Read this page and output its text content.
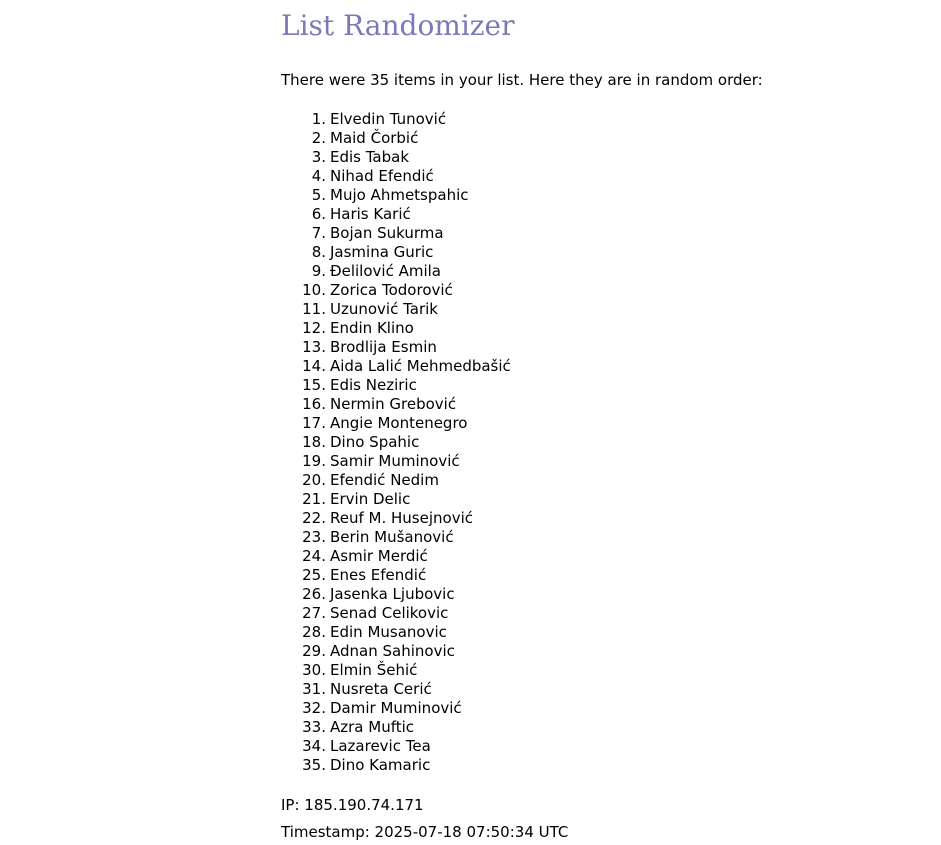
List Randomizer

There were 35 items in your list. Here they are in random order:

1. Elvedin Tunović
2. Maid Čorbić
3. Edis Tabak
4. Nihad Efendić
5. Mujo Ahmetspahic
6. Haris Karić
7. Bojan Sukurma
8. Jasmina Guric
9. Đelilović Amila
10. Zorica Todorović
11. Uzunović Tarik
12. Endin Klino
13. Brodlija Esmin
14. Aida Lalić Mehmedbašić
15. Edis Neziric
16. Nermin Grebović
17. Angie Montenegro
18. Dino Spahic
19. Samir Muminović
20. Efendić Nedim
21. Ervin Delic
22. Reuf M. Husejnović
23. Berin Mušanović
24. Asmir Merdić
25. Enes Efendić
26. Jasenka Ljubovic
27. Senad Celikovic
28. Edin Musanovic
29. Adnan Sahinovic
30. Elmin Šehić
31. Nusreta Cerić
32. Damir Muminović
33. Azra Muftic
34. Lazarevic Tea
35. Dino Kamaric

IP: 185.190.74.171

Timestamp: 2025-07-18 07:50:34 UTC
